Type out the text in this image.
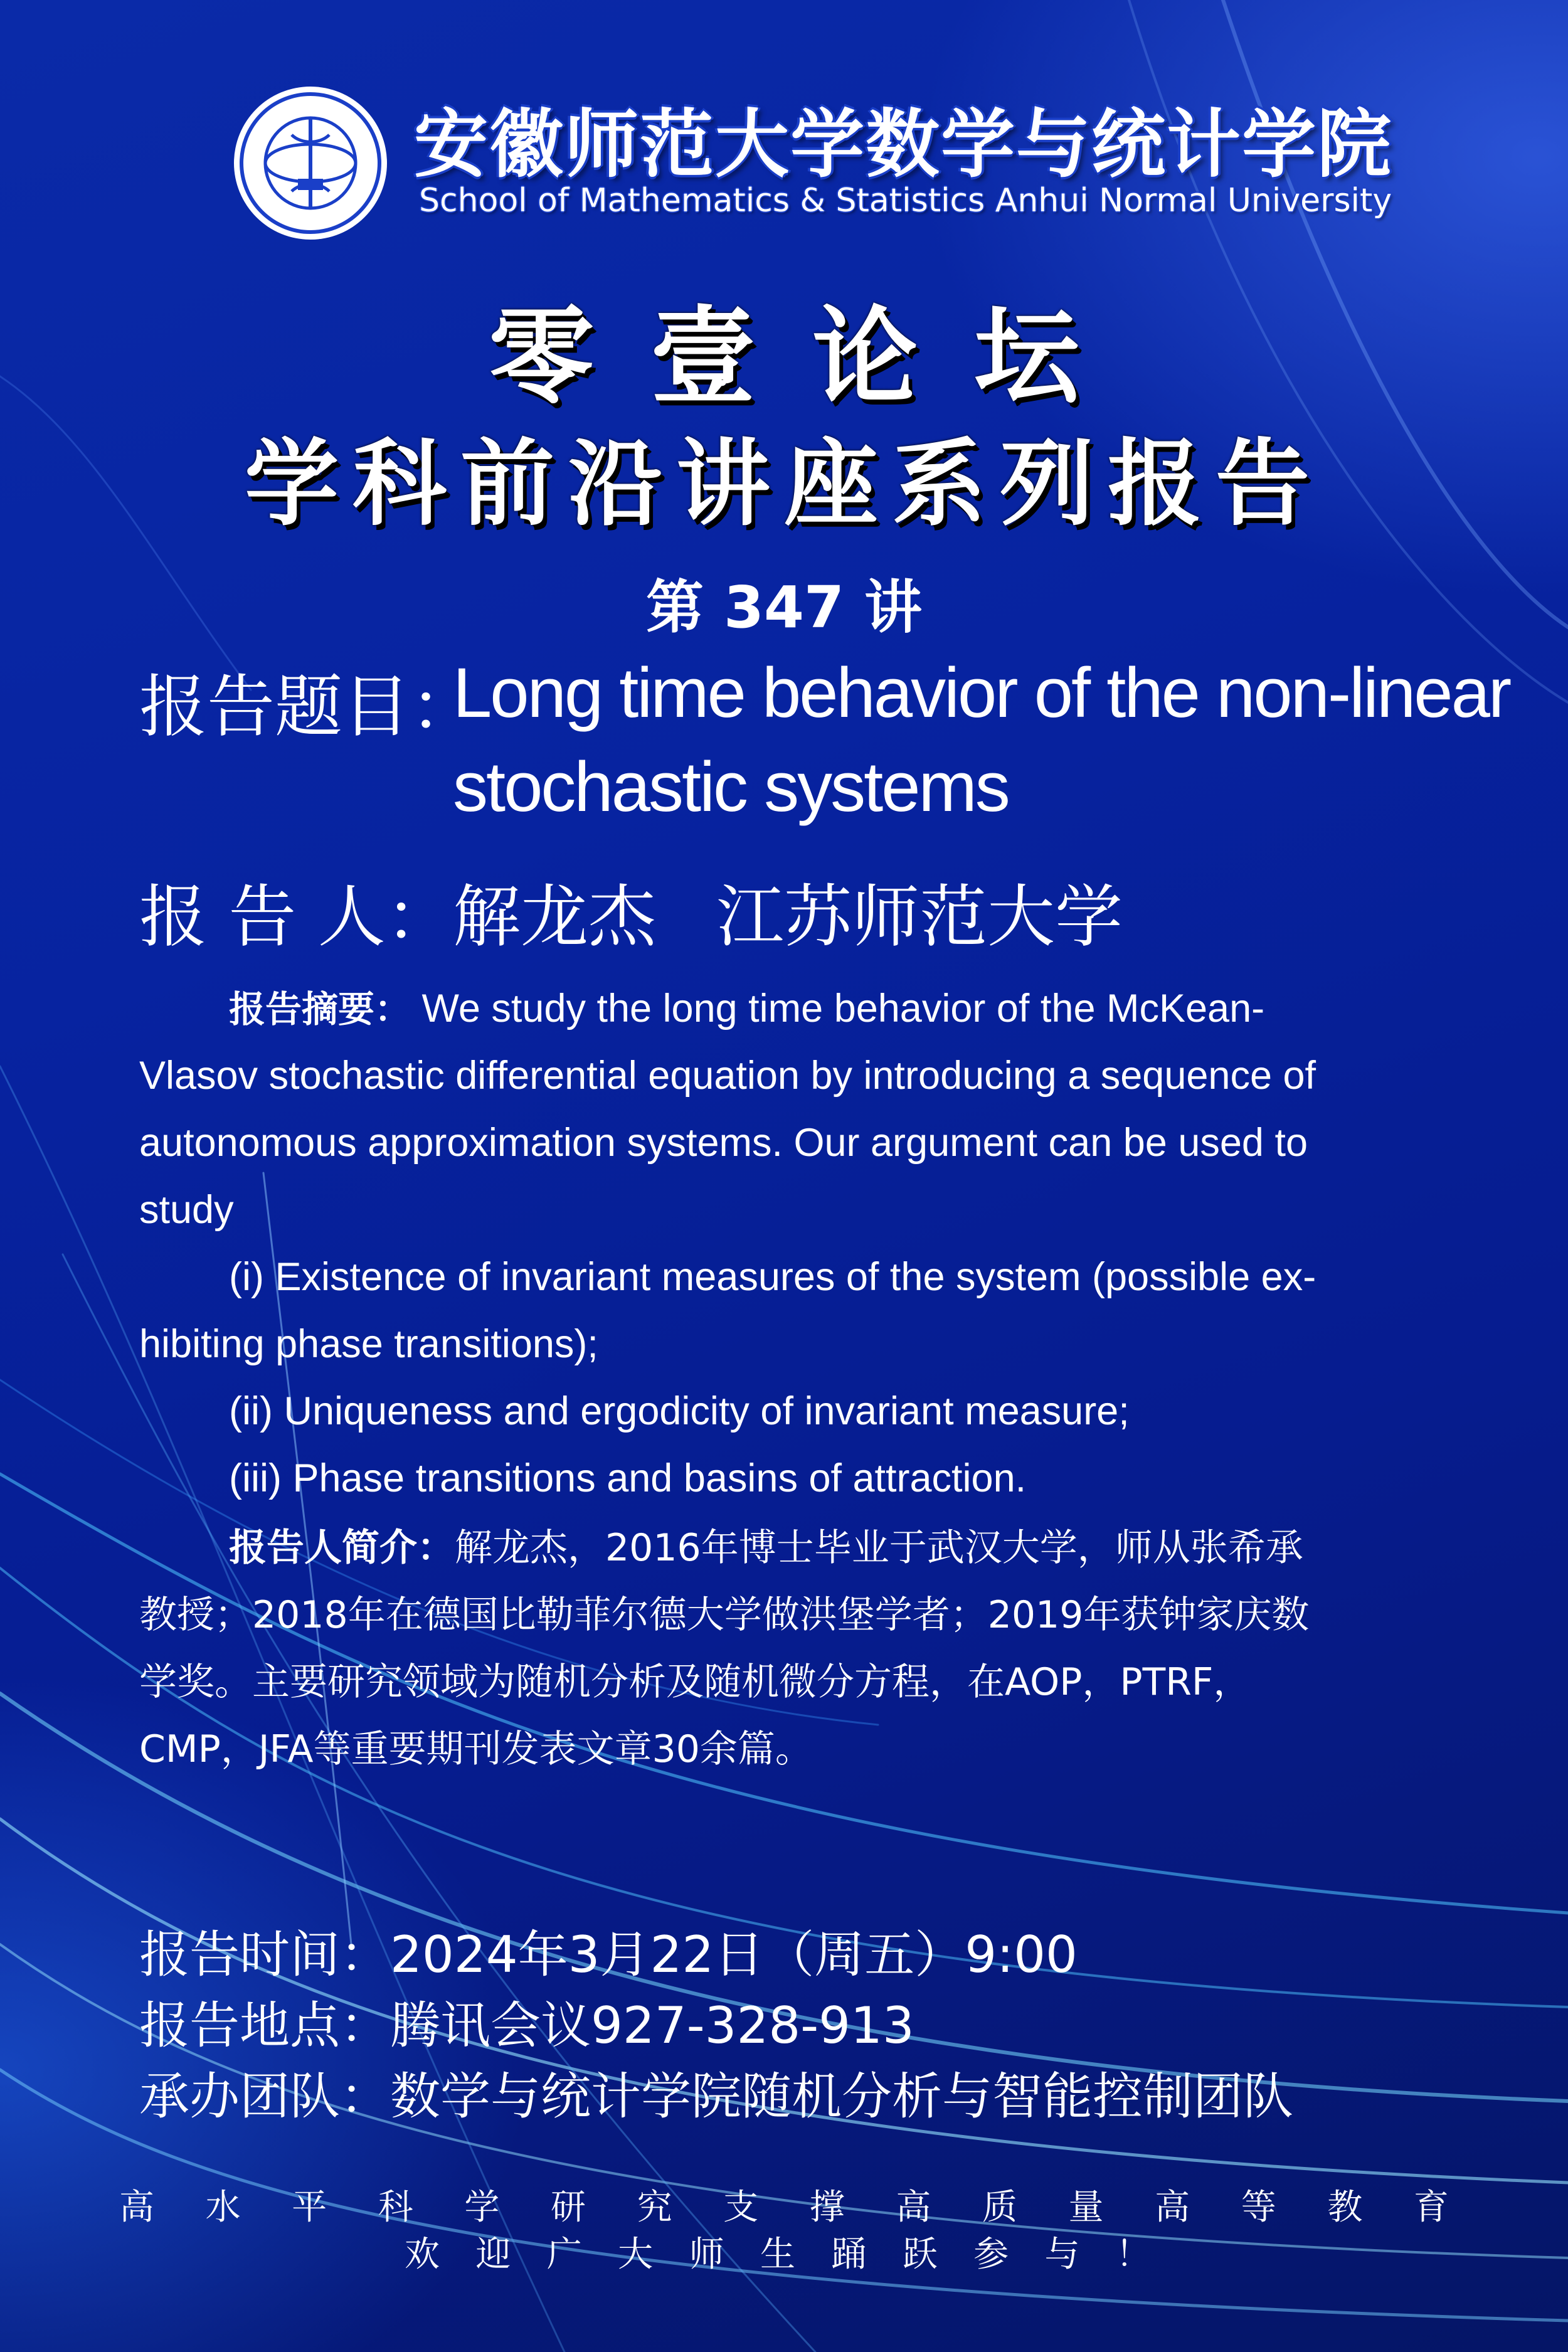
安徽师范大学数学与统计学院
School of Mathematics & Statistics Anhui Normal University
零壹论坛
学科前沿讲座系列报告
第 347 讲
报告题目：
Long time behavior of the non-linear
stochastic systems
报 告 人： 解龙杰 江苏师范大学
报告摘要： We study the long time behavior of the McKean-
Vlasov stochastic differential equation by introducing a sequence of
autonomous approximation systems. Our argument can be used to
study
(i) Existence of invariant measures of the system (possible ex-
hibiting phase transitions);
(ii) Uniqueness and ergodicity of invariant measure;
(iii) Phase transitions and basins of attraction.
报告人简介：解龙杰，2016年博士毕业于武汉大学，师从张希承
教授；2018年在德国比勒菲尔德大学做洪堡学者；2019年获钟家庆数
学奖。主要研究领域为随机分析及随机微分方程，在AOP，PTRF，
CMP，JFA等重要期刊发表文章30余篇。
报告时间：2024年3月22日（周五）9:00
报告地点：腾讯会议927-328-913
承办团队：数学与统计学院随机分析与智能控制团队
高 水 平 科 学 研 究 支 撑 高 质 量 高 等 教 育
欢 迎 广 大 师 生 踊 跃 参 与 ！
